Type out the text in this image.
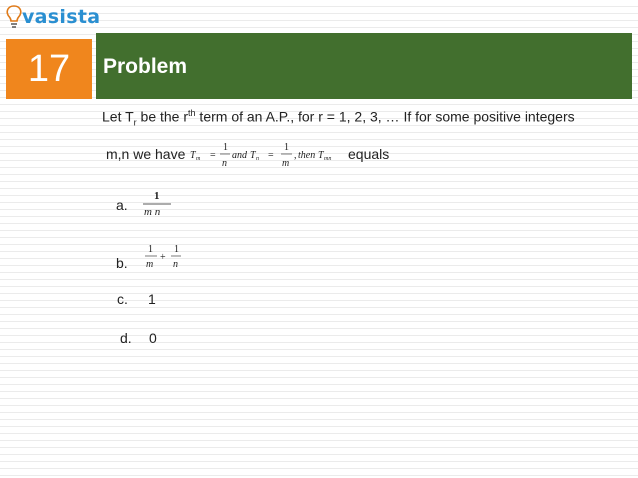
vasista
17 Problem
Let $T_r$ be the $r^{th}$ term of an A.P., for r = 1, 2, 3, … If for some positive integers
m,n we have T m =
1
n
and T n =
1
m
, then T mn equals
a.
1
m n
b.
1
m
+
1
n
c. 1
d. 0
